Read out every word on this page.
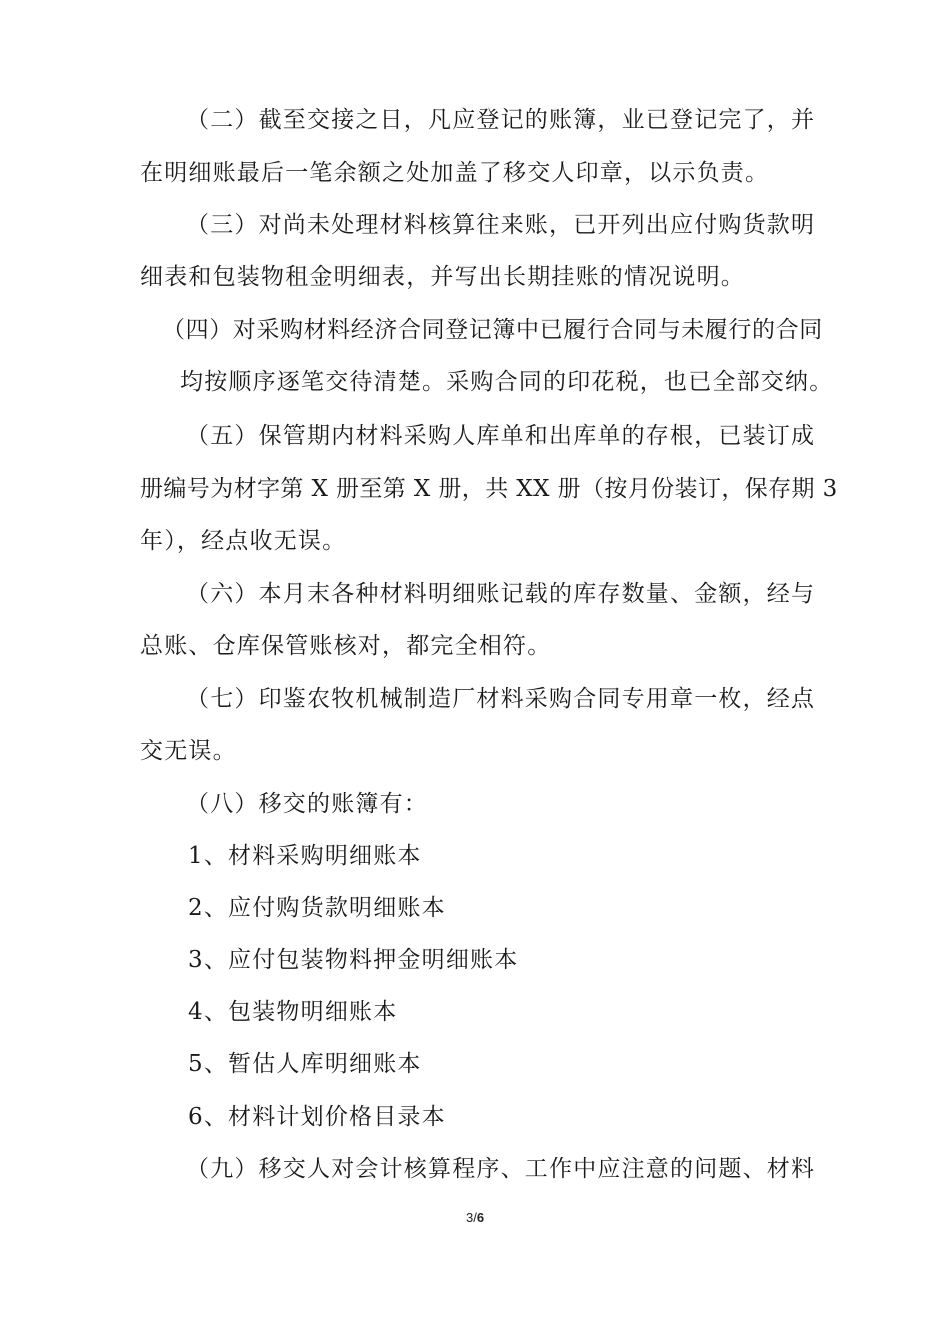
（二）截至交接之日，凡应登记的账簿，业已登记完了，并
在明细账最后一笔余额之处加盖了移交人印章，以示负责。
（三）对尚未处理材料核算往来账，已开列出应付购货款明
细表和包装物租金明细表，并写出长期挂账的情况说明。
（四）对采购材料经济合同登记簿中已履行合同与未履行的合同
均按顺序逐笔交待清楚。采购合同的印花税，也已全部交纳。
（五）保管期内材料采购人库单和出库单的存根，已装订成
册编号为材字第 X 册至第 X 册，共 XX 册（按月份装订，保存期 3
年），经点收无误。
（六）本月末各种材料明细账记载的库存数量、金额，经与
总账、仓库保管账核对，都完全相符。
（七）印鉴农牧机械制造厂材料采购合同专用章一枚，经点
交无误。
（八）移交的账簿有：
1、材料采购明细账本
2、应付购货款明细账本
3、应付包装物料押金明细账本
4、包装物明细账本
5、暂估人库明细账本
6、材料计划价格目录本
（九）移交人对会计核算程序、工作中应注意的问题、材料
3/6
